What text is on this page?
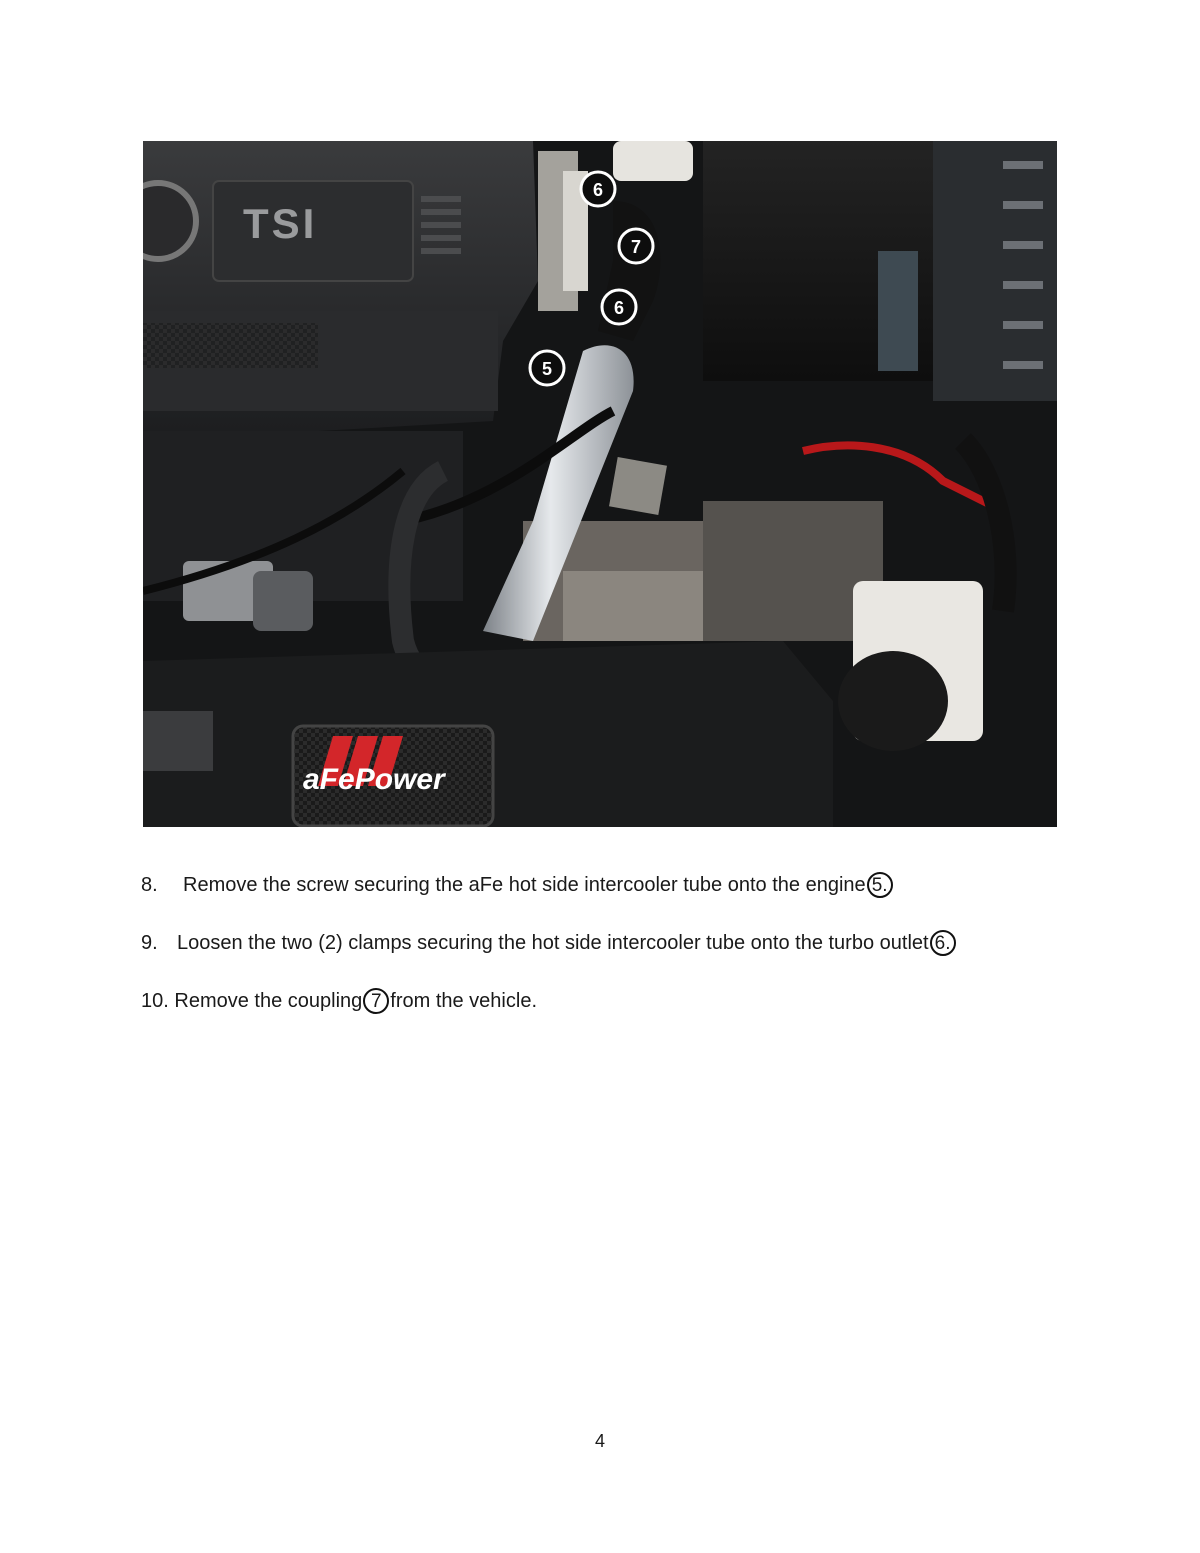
TSI
aFePower
6
7
6
5
8.	Remove the screw securing the aFe hot side intercooler tube onto the engine 5.
9. Loosen the two (2) clamps securing the hot side intercooler tube onto the turbo outlet 6.
10.
Remove the coupling 7 from the vehicle.
4
